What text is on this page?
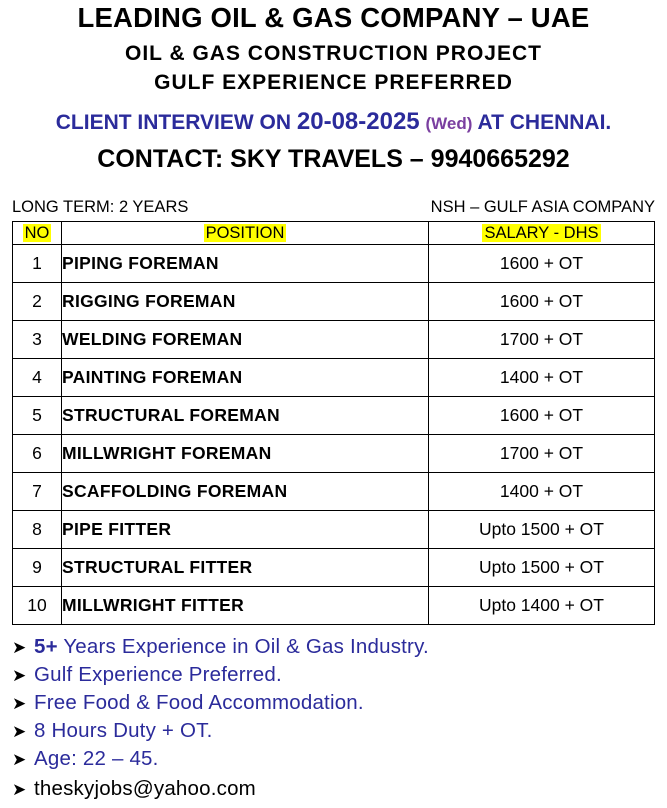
LEADING OIL & GAS COMPANY – UAE
OIL & GAS CONSTRUCTION PROJECT
GULF EXPERIENCE PREFERRED
CLIENT INTERVIEW ON 20-08-2025 (Wed) AT CHENNAI.
CONTACT: SKY TRAVELS – 9940665292
LONG TERM: 2 YEARS	NSH – GULF ASIA COMPANY
NO	POSITION	SALARY - DHS
1	PIPING FOREMAN	1600 + OT
2	RIGGING FOREMAN	1600 + OT
3	WELDING FOREMAN	1700 + OT
4	PAINTING FOREMAN	1400 + OT
5	STRUCTURAL FOREMAN	1600 + OT
6	MILLWRIGHT FOREMAN	1700 + OT
7	SCAFFOLDING FOREMAN	1400 + OT
8	PIPE FITTER	Upto 1500 + OT
9	STRUCTURAL FITTER	Upto 1500 + OT
10	MILLWRIGHT FITTER	Upto 1400 + OT
➤ 5+ Years Experience in Oil & Gas Industry.
➤ Gulf Experience Preferred.
➤ Free Food & Food Accommodation.
➤ 8 Hours Duty + OT.
➤ Age: 22 – 45.
➤ theskyjobs@yahoo.com
